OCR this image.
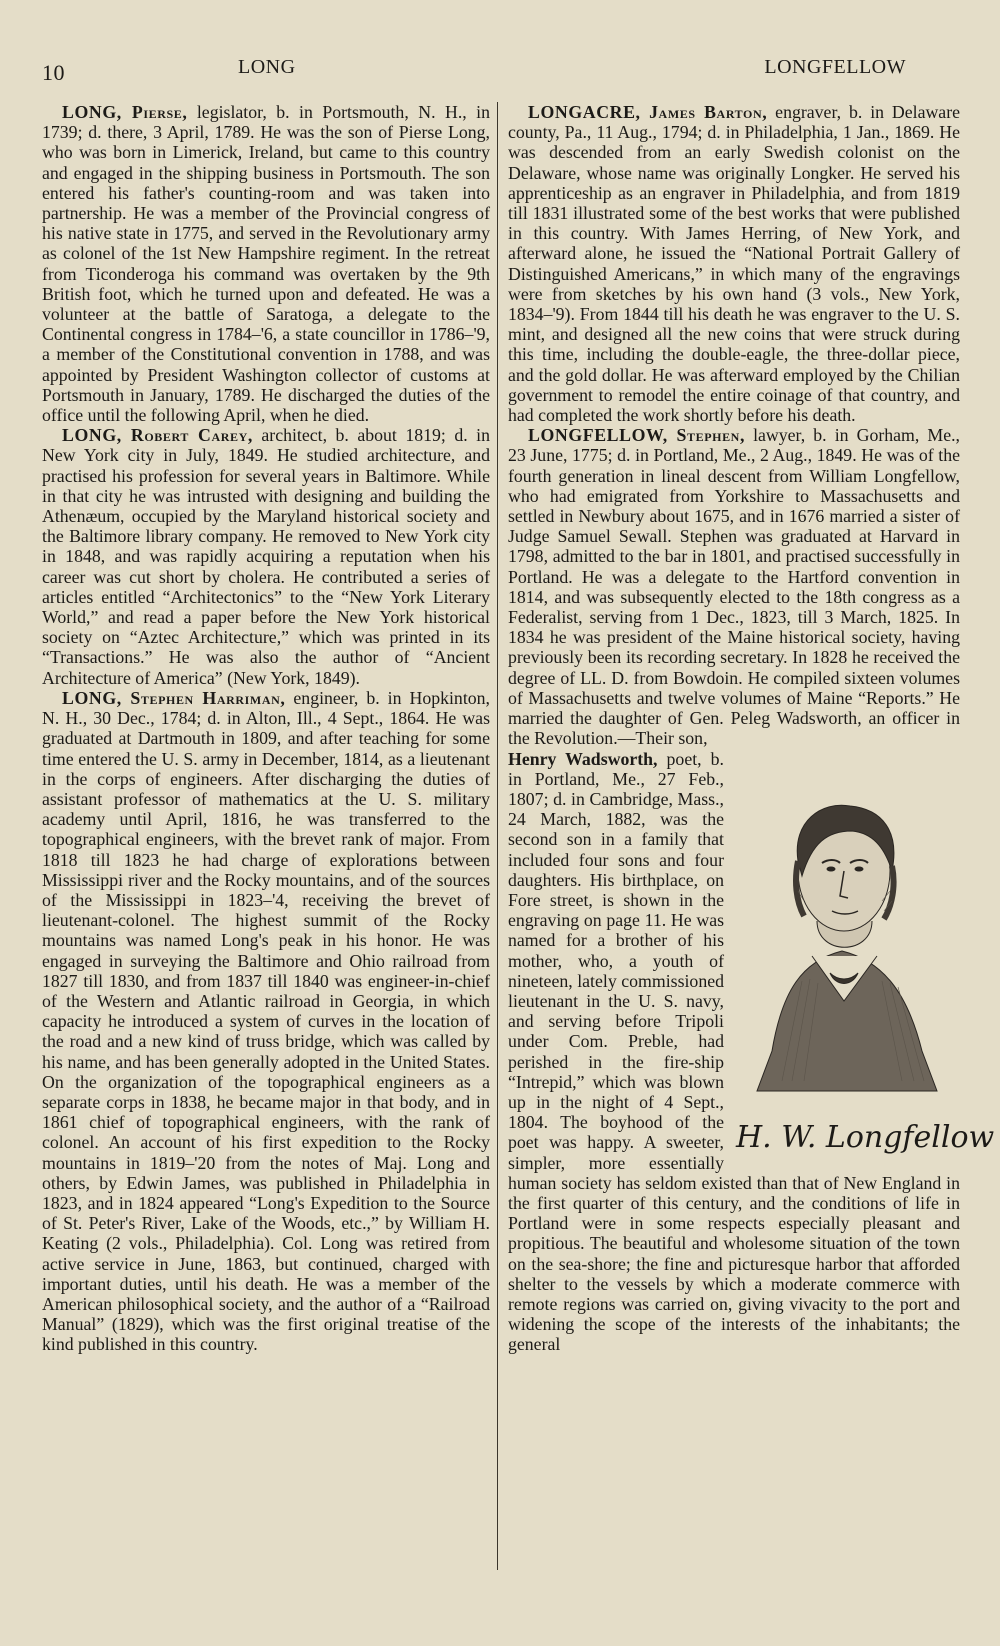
10	LONG	LONGFELLOW

LONG, Pierse, legislator, b. in Portsmouth, N. H., in 1739; d. there, 3 April, 1789. He was the son of Pierse Long, who was born in Limerick, Ireland, but came to this country and engaged in the shipping business in Portsmouth. The son entered his father's counting-room and was taken into partnership. He was a member of the Provincial congress of his native state in 1775, and served in the Revolutionary army as colonel of the 1st New Hampshire regiment. In the retreat from Ticonderoga his command was overtaken by the 9th British foot, which he turned upon and defeated. He was a volunteer at the battle of Saratoga, a delegate to the Continental congress in 1784–'6, a state councillor in 1786–'9, a member of the Constitutional convention in 1788, and was appointed by President Washington collector of customs at Portsmouth in January, 1789. He discharged the duties of the office until the following April, when he died.

LONG, Robert Carey, architect, b. about 1819; d. in New York city in July, 1849. He studied architecture, and practised his profession for several years in Baltimore. While in that city he was intrusted with designing and building the Athenæum, occupied by the Maryland historical society and the Baltimore library company. He removed to New York city in 1848, and was rapidly acquiring a reputation when his career was cut short by cholera. He contributed a series of articles entitled “Architectonics” to the “New York Literary World,” and read a paper before the New York historical society on “Aztec Architecture,” which was printed in its “Transactions.” He was also the author of “Ancient Architecture of America” (New York, 1849).

LONG, Stephen Harriman, engineer, b. in Hopkinton, N. H., 30 Dec., 1784; d. in Alton, Ill., 4 Sept., 1864. He was graduated at Dartmouth in 1809, and after teaching for some time entered the U. S. army in December, 1814, as a lieutenant in the corps of engineers. After discharging the duties of assistant professor of mathematics at the U. S. military academy until April, 1816, he was transferred to the topographical engineers, with the brevet rank of major. From 1818 till 1823 he had charge of explorations between Mississippi river and the Rocky mountains, and of the sources of the Mississippi in 1823–'4, receiving the brevet of lieutenant-colonel. The highest summit of the Rocky mountains was named Long's peak in his honor. He was engaged in surveying the Baltimore and Ohio railroad from 1827 till 1830, and from 1837 till 1840 was engineer-in-chief of the Western and Atlantic railroad in Georgia, in which capacity he introduced a system of curves in the location of the road and a new kind of truss bridge, which was called by his name, and has been generally adopted in the United States. On the organization of the topographical engineers as a separate corps in 1838, he became major in that body, and in 1861 chief of topographical engineers, with the rank of colonel. An account of his first expedition to the Rocky mountains in 1819–'20 from the notes of Maj. Long and others, by Edwin James, was published in Philadelphia in 1823, and in 1824 appeared “Long's Expedition to the Source of St. Peter's River, Lake of the Woods, etc.,” by William H. Keating (2 vols., Philadelphia). Col. Long was retired from active service in June, 1863, but continued, charged with important duties, until his death. He was a member of the American philosophical society, and the author of a “Railroad Manual” (1829), which was the first original treatise of the kind published in this country.

LONGACRE, James Barton, engraver, b. in Delaware county, Pa., 11 Aug., 1794; d. in Philadelphia, 1 Jan., 1869. He was descended from an early Swedish colonist on the Delaware, whose name was originally Longker. He served his apprenticeship as an engraver in Philadelphia, and from 1819 till 1831 illustrated some of the best works that were published in this country. With James Herring, of New York, and afterward alone, he issued the “National Portrait Gallery of Distinguished Americans,” in which many of the engravings were from sketches by his own hand (3 vols., New York, 1834–'9). From 1844 till his death he was engraver to the U. S. mint, and designed all the new coins that were struck during this time, including the double-eagle, the three-dollar piece, and the gold dollar. He was afterward employed by the Chilian government to remodel the entire coinage of that country, and had completed the work shortly before his death.

LONGFELLOW, Stephen, lawyer, b. in Gorham, Me., 23 June, 1775; d. in Portland, Me., 2 Aug., 1849. He was of the fourth generation in lineal descent from William Longfellow, who had emigrated from Yorkshire to Massachusetts and settled in Newbury about 1675, and in 1676 married a sister of Judge Samuel Sewall. Stephen was graduated at Harvard in 1798, admitted to the bar in 1801, and practised successfully in Portland. He was a delegate to the Hartford convention in 1814, and was subsequently elected to the 18th congress as a Federalist, serving from 1 Dec., 1823, till 3 March, 1825. In 1834 he was president of the Maine historical society, having previously been its recording secretary. In 1828 he received the degree of LL. D. from Bowdoin. He compiled sixteen volumes of Massachusetts and twelve volumes of Maine “Reports.” He married the daughter of Gen. Peleg Wadsworth, an officer in the Revolution.—Their son,

Henry Wadsworth,
H. W. Longfellow
poet, b. in Portland, Me., 27 Feb., 1807; d. in Cambridge, Mass., 24 March, 1882, was the second son in a family that included four sons and four daughters. His birthplace, on Fore street, is shown in the engraving on page 11. He was named for a brother of his mother, who, a youth of nineteen, lately commissioned lieutenant in the U. S. navy, and serving before Tripoli under Com. Preble, had perished in the fire-ship “Intrepid,” which was blown up in the night of 4 Sept., 1804. The boyhood of the poet was happy. A sweeter, simpler, more essentially human society has seldom existed than that of New England in the first quarter of this century, and the conditions of life in Portland were in some respects especially pleasant and propitious. The beautiful and wholesome situation of the town on the sea-shore; the fine and picturesque harbor that afforded shelter to the vessels by which a moderate commerce with remote regions was carried on, giving vivacity to the port and widening the scope of the interests of the inhabitants; the general
